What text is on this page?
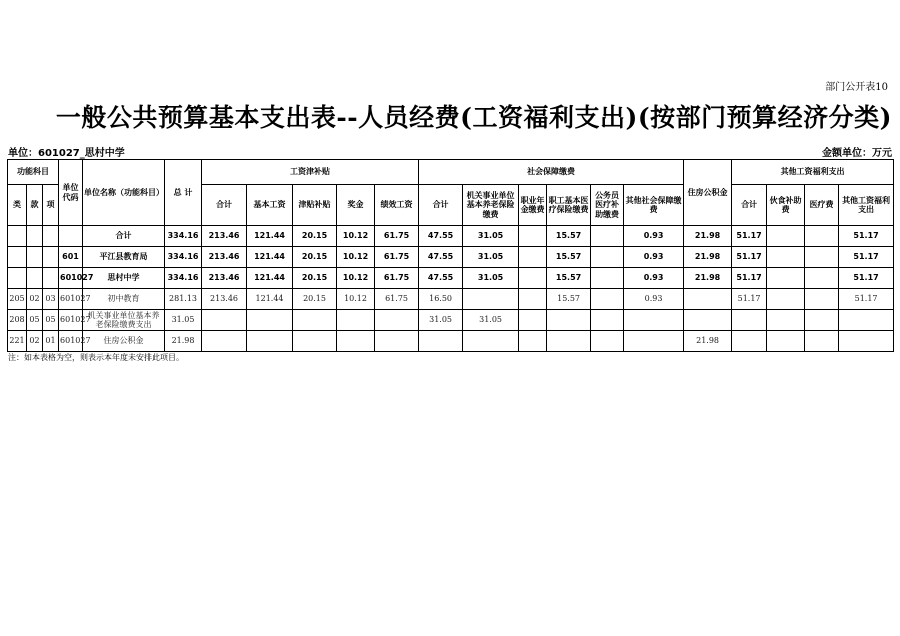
部门公开表10
一般公共预算基本支出表--人员经费(工资福利支出)(按部门预算经济分类)
单位：601027_思村中学	金额单位：万元
功能科目			单位代码	单位名称（功能科目）	总 计	工资津补贴					社会保障缴费						住房公积金	其他工资福利支出			
类	款	项				合计	基本工资	津贴补贴	奖金	绩效工资	合计	机关事业单位基本养老保险缴费	职业年金缴费	职工基本医疗保险缴费	公务员医疗补助缴费	其他社会保障缴费		合计	伙食补助费	医疗费	其他工资福利支出
				合计	334.16	213.46	121.44	20.15	10.12	61.75	47.55	31.05		15.57		0.93	21.98	51.17			51.17
			601	平江县教育局	334.16	213.46	121.44	20.15	10.12	61.75	47.55	31.05		15.57		0.93	21.98	51.17			51.17
			601027	思村中学	334.16	213.46	121.44	20.15	10.12	61.75	47.55	31.05		15.57		0.93	21.98	51.17			51.17
205	02	03	601027	初中教育	281.13	213.46	121.44	20.15	10.12	61.75	16.50			15.57		0.93		51.17			51.17
208	05	05	601027	机关事业单位基本养老保险缴费支出	31.05						31.05	31.05									
221	02	01	601027	住房公积金	21.98												21.98				
注：如本表格为空，则表示本年度未安排此项目。
